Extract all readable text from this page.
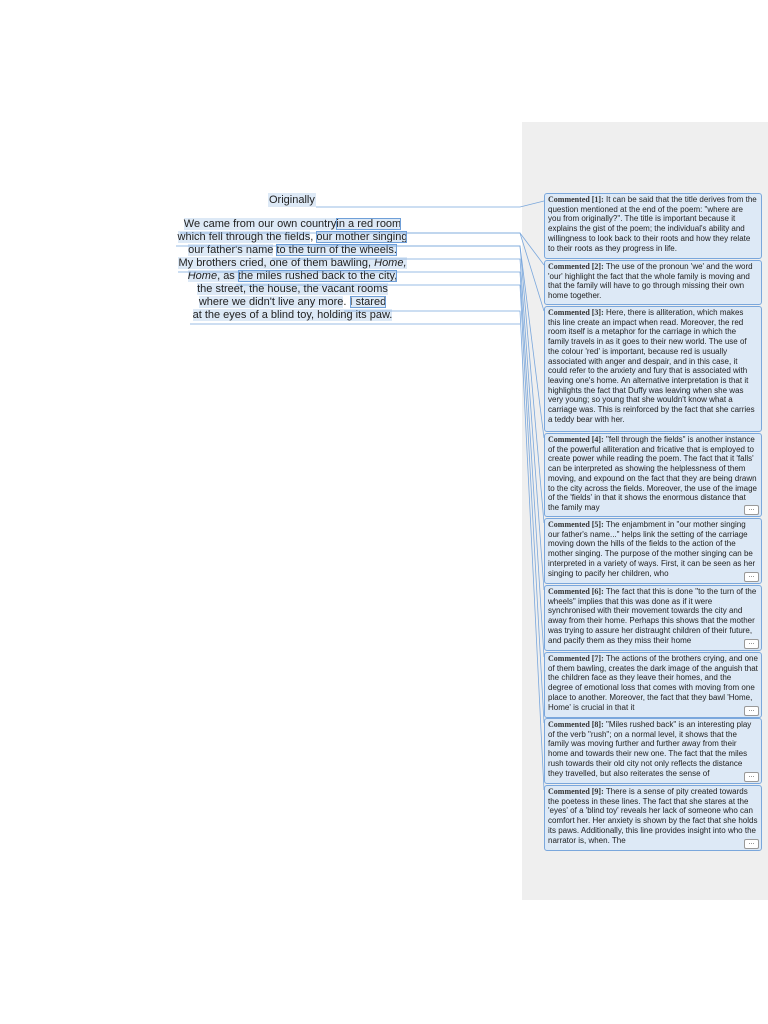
Originally
We came from our own countryin a red room
which fell through the fields, our mother singing
our father's name to the turn of the wheels.
My brothers cried, one of them bawling, Home,
Home, as the miles rushed back to the city,
the street, the house, the vacant rooms
where we didn't live any more. I stared
at the eyes of a blind toy, holding its paw.
Commented [1]: It can be said that the title derives from the question mentioned at the end of the poem: "where are you from originally?". The title is important because it explains the gist of the poem; the individual's ability and willingness to look back to their roots and how they relate to their roots as they progress in life.
Commented [2]: The use of the pronoun 'we' and the word 'our' highlight the fact that the whole family is moving and that the family will have to go through missing their own home together.
Commented [3]: Here, there is alliteration, which makes this line create an impact when read. Moreover, the red room itself is a metaphor for the carriage in which the family travels in as it goes to their new world. The use of the colour 'red' is important, because red is usually associated with anger and despair, and in this case, it could refer to the anxiety and fury that is associated with leaving one's home. An alternative interpretation is that it highlights the fact that Duffy was leaving when she was very young; so young that she wouldn't know what a carriage was. This is reinforced by the fact that she carries a teddy bear with her.
Commented [4]: "fell through the fields" is another instance of the powerful alliteration and fricative that is employed to create power while reading the poem. The fact that it 'falls' can be interpreted as showing the helplessness of them moving, and expound on the fact that they are being drawn to the city across the fields. Moreover, the use of the image of the 'fields' in that it shows the enormous distance that the family may	...
Commented [5]: The enjambment in "our mother singing our father's name..." helps link the setting of the carriage moving down the hills of the fields to the action of the mother singing. The purpose of the mother singing can be interpreted in a variety of ways. First, it can be seen as her singing to pacify her children, who	...
Commented [6]: The fact that this is done "to the turn of the wheels" implies that this was done as if it were synchronised with their movement towards the city and away from their home. Perhaps this shows that the mother was trying to assure her distraught children of their future, and pacify them as they miss their home	...
Commented [7]: The actions of the brothers crying, and one of them bawling, creates the dark image of the anguish that the children face as they leave their homes, and the degree of emotional loss that comes with moving from one place to another. Moreover, the fact that they bawl 'Home, Home' is crucial in that it	...
Commented [8]: "Miles rushed back" is an interesting play of the verb "rush"; on a normal level, it shows that the family was moving further and further away from their home and towards their new one. The fact that the miles rush towards their old city not only reflects the distance they travelled, but also reiterates the sense of	...
Commented [9]: There is a sense of pity created towards the poetess in these lines. The fact that she stares at the 'eyes' of a 'blind toy' reveals her lack of someone who can comfort her. Her anxiety is shown by the fact that she holds its paws. Additionally, this line provides insight into who the narrator is, when. The	...
